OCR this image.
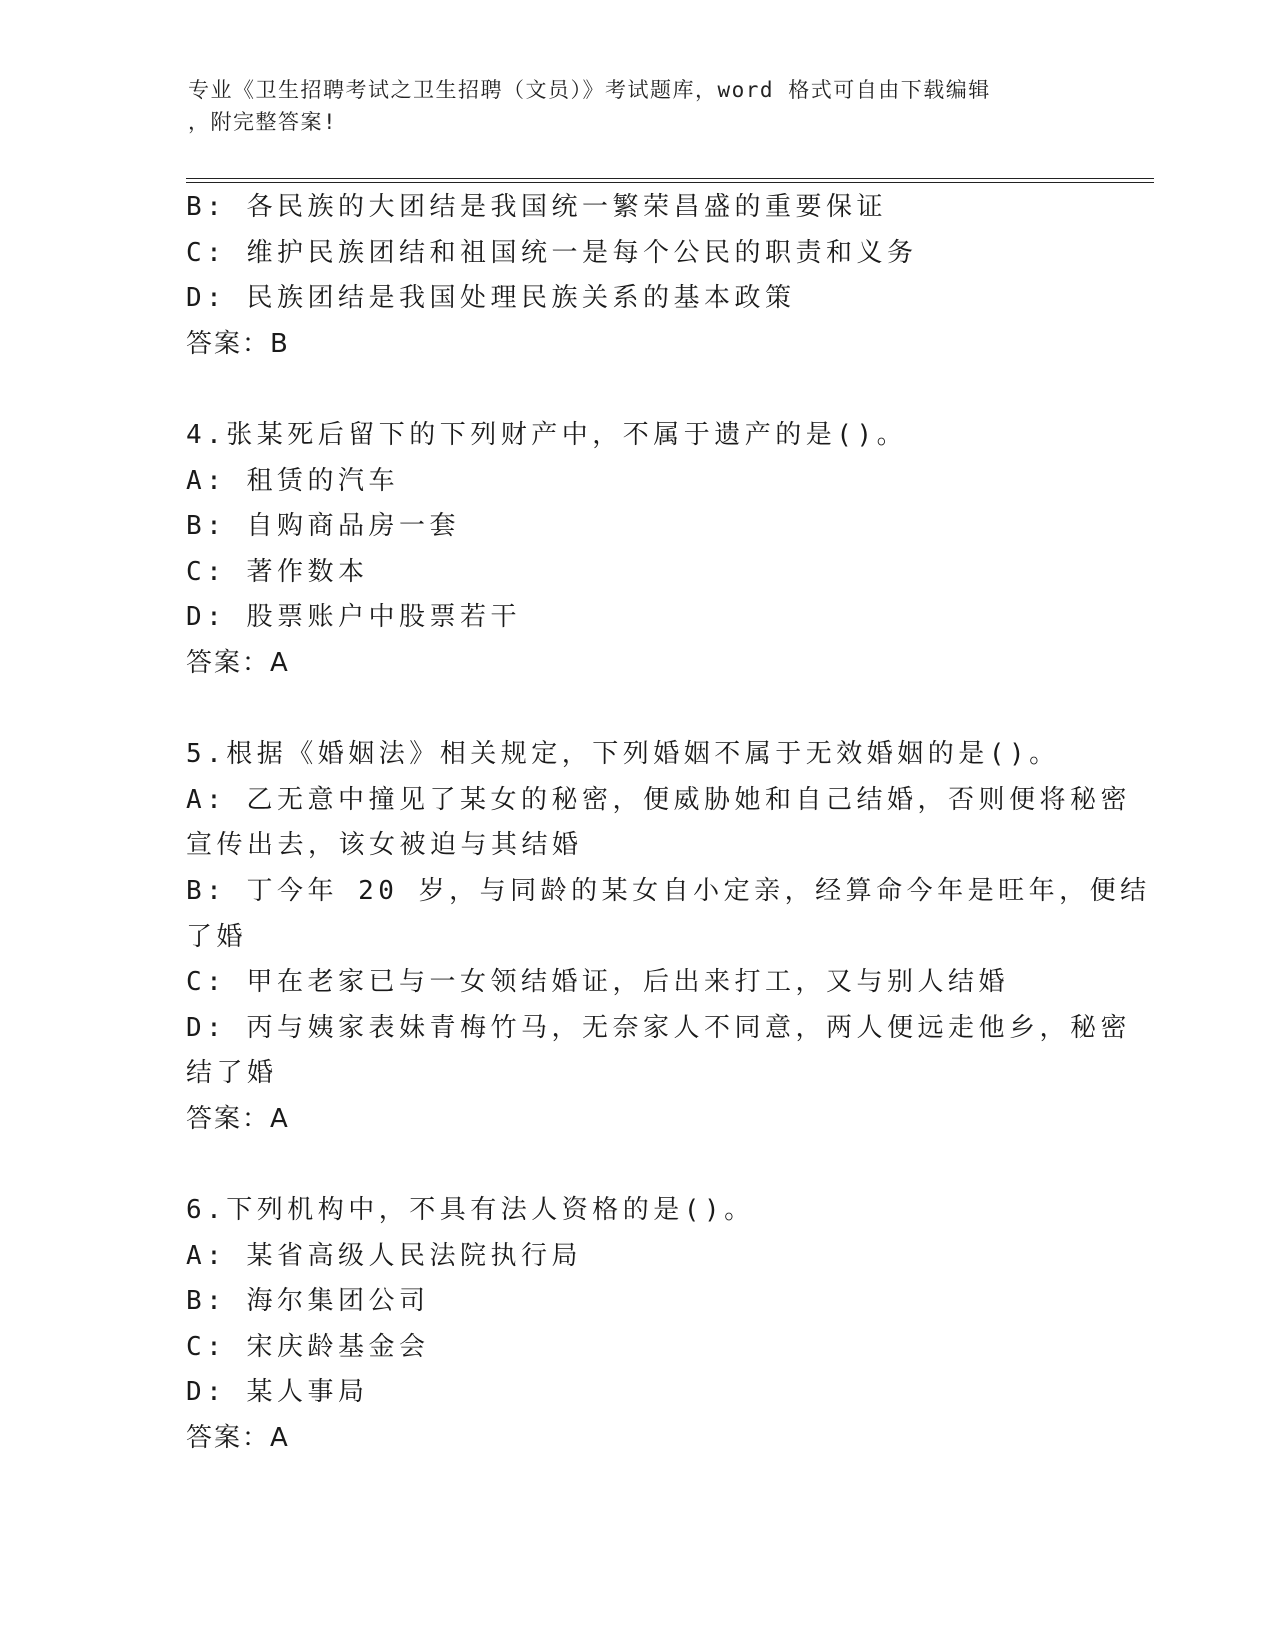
专业《卫生招聘考试之卫生招聘（文员）》考试题库，word 格式可自由下载编辑
，附完整答案!
B: 各民族的大团结是我国统一繁荣昌盛的重要保证
C: 维护民族团结和祖国统一是每个公民的职责和义务
D: 民族团结是我国处理民族关系的基本政策
答案：B
4.张某死后留下的下列财产中，不属于遗产的是()。
A: 租赁的汽车
B: 自购商品房一套
C: 著作数本
D: 股票账户中股票若干
答案：A
5.根据《婚姻法》相关规定，下列婚姻不属于无效婚姻的是()。
A: 乙无意中撞见了某女的秘密，便威胁她和自己结婚，否则便将秘密
宣传出去，该女被迫与其结婚
B: 丁今年 20 岁，与同龄的某女自小定亲，经算命今年是旺年，便结
了婚
C: 甲在老家已与一女领结婚证，后出来打工，又与别人结婚
D: 丙与姨家表妹青梅竹马，无奈家人不同意，两人便远走他乡，秘密
结了婚
答案：A
6.下列机构中，不具有法人资格的是()。
A: 某省高级人民法院执行局
B: 海尔集团公司
C: 宋庆龄基金会
D: 某人事局
答案：A
